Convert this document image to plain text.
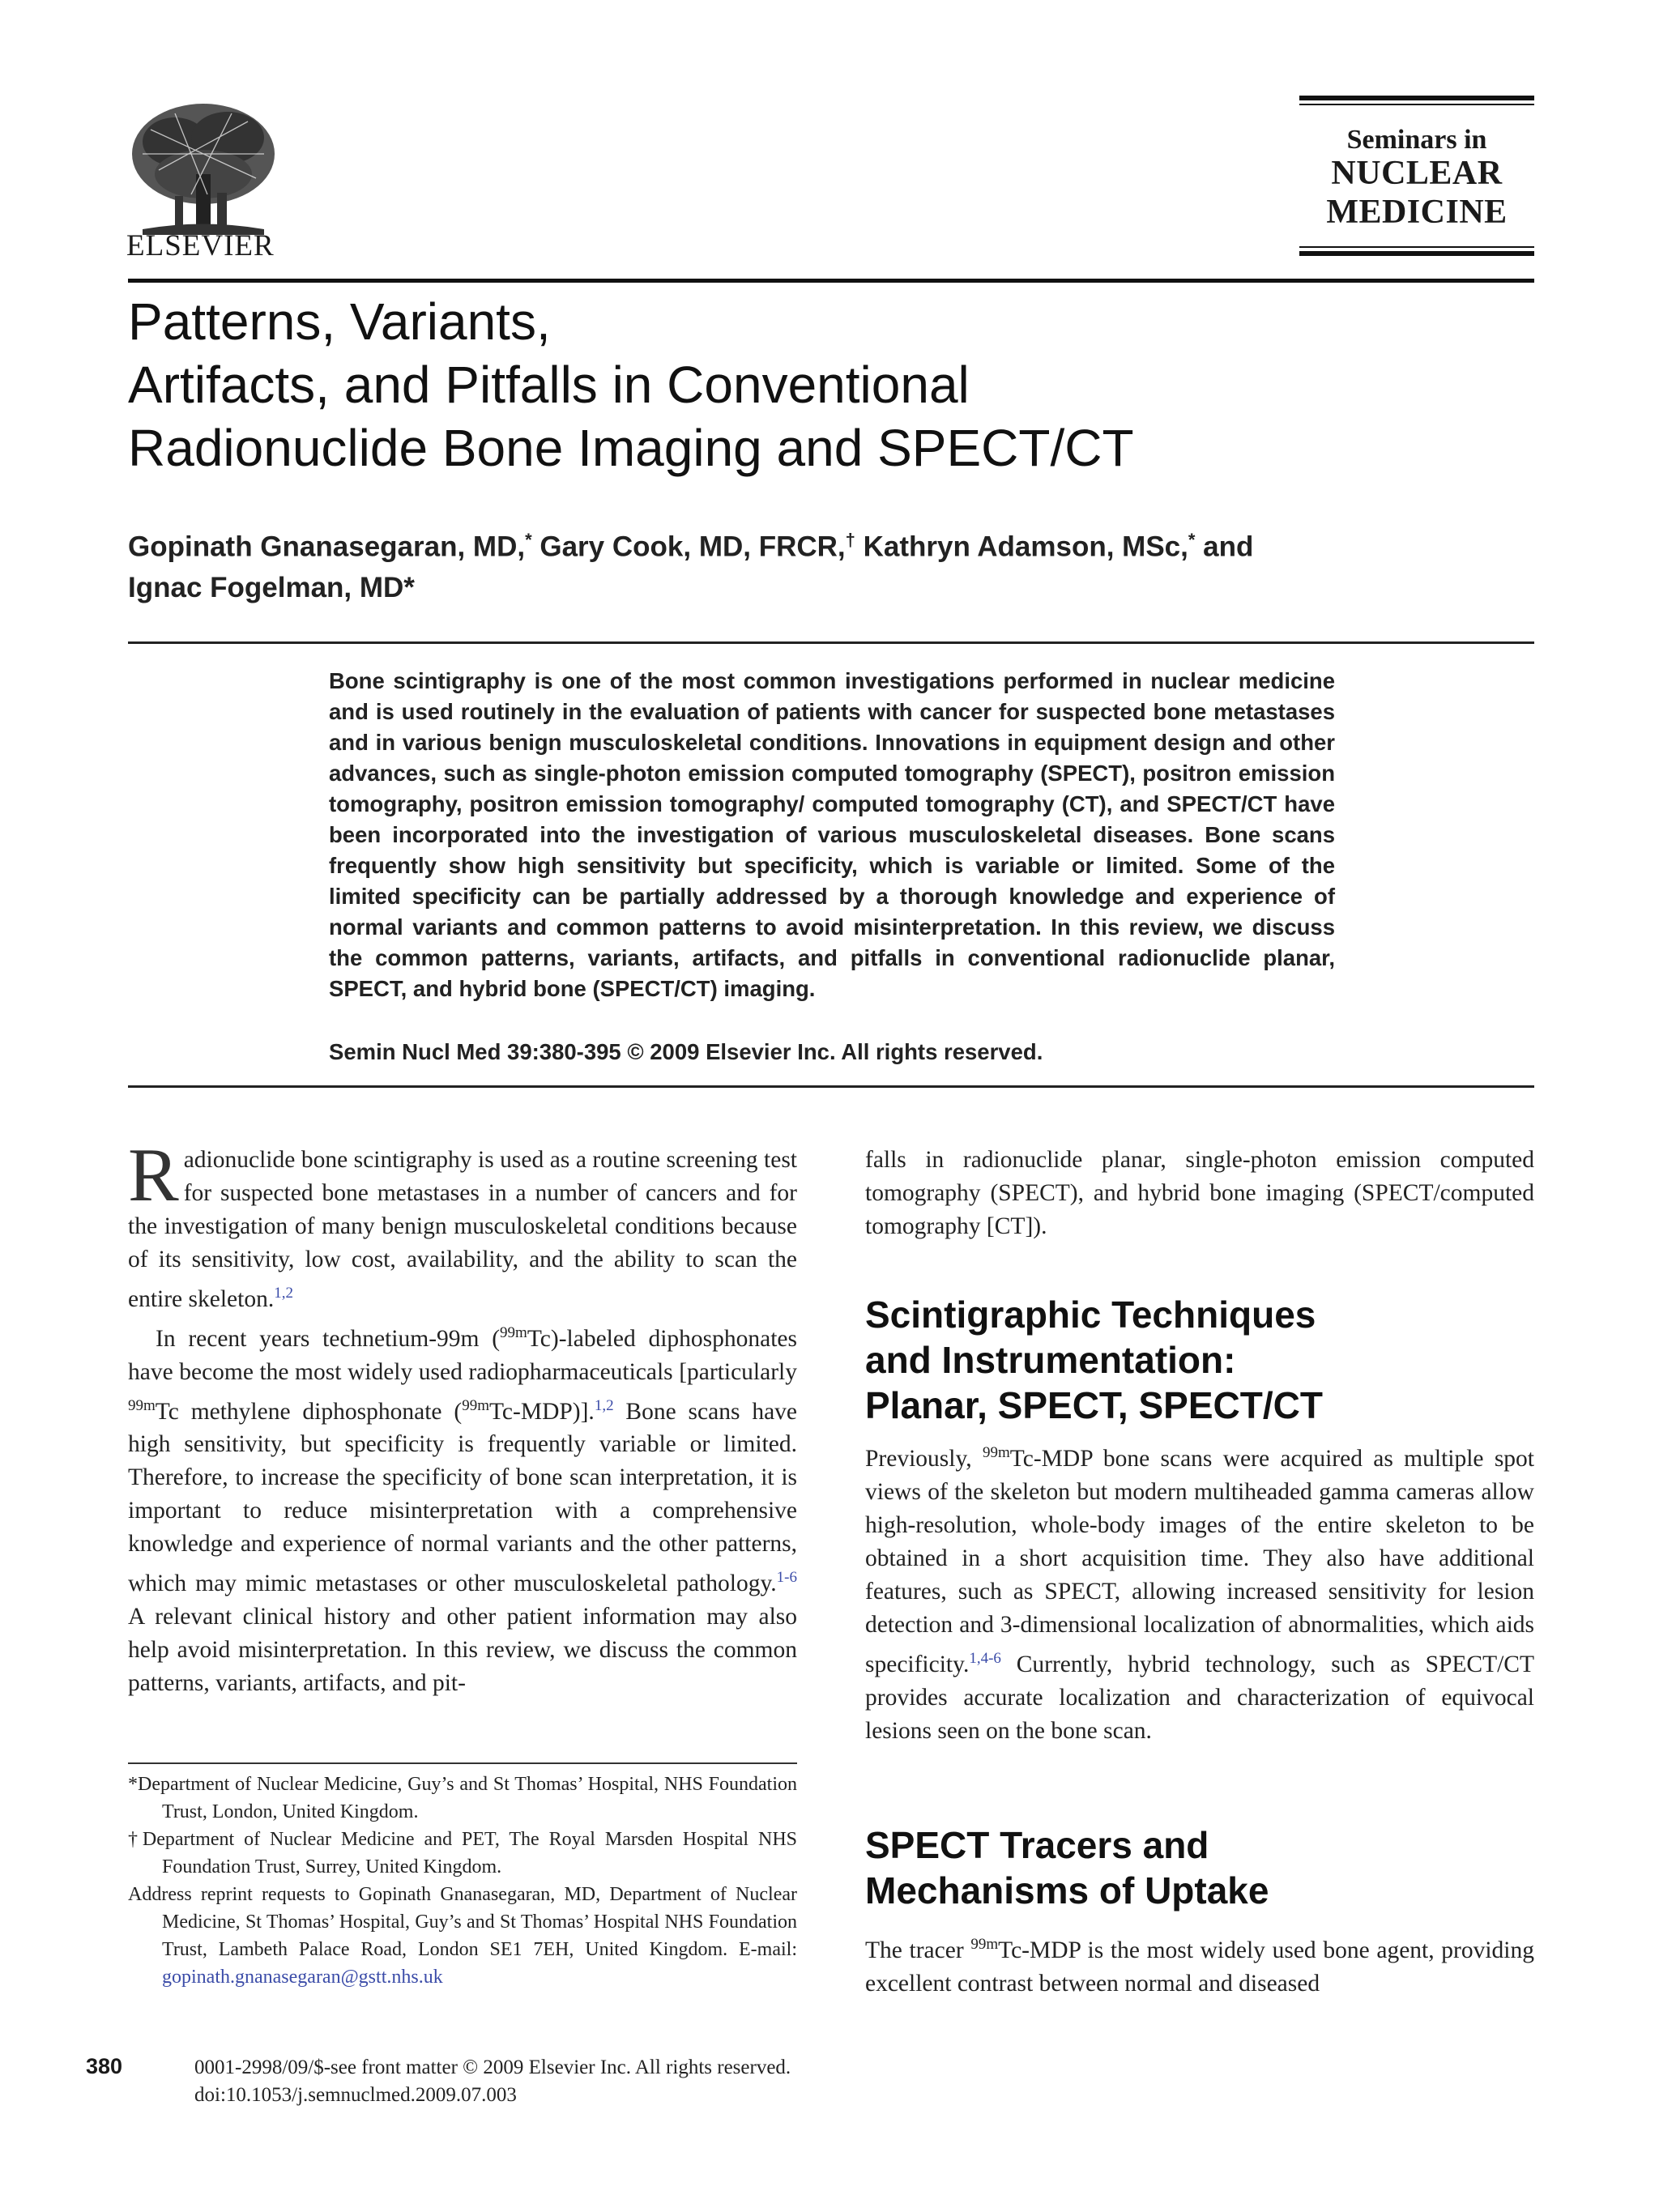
ELSEVIER
Seminars in
NUCLEAR
MEDICINE
Patterns, Variants,
Artifacts, and Pitfalls in Conventional
Radionuclide Bone Imaging and SPECT/CT
Gopinath Gnanasegaran, MD,* Gary Cook, MD, FRCR,† Kathryn Adamson, MSc,* and
Ignac Fogelman, MD*
Bone scintigraphy is one of the most common investigations performed in nuclear medicine and is used routinely in the evaluation of patients with cancer for suspected bone metastases and in various benign musculoskeletal conditions. Innovations in equipment design and other advances, such as single-photon emission computed tomography (SPECT), positron emission tomography, positron emission tomography/ computed tomography (CT), and SPECT/CT have been incorporated into the investigation of various musculoskeletal diseases. Bone scans frequently show high sensitivity but specificity, which is variable or limited. Some of the limited specificity can be partially addressed by a thorough knowledge and experience of normal variants and common patterns to avoid misinterpretation. In this review, we discuss the common patterns, variants, artifacts, and pitfalls in conventional radionuclide planar, SPECT, and hybrid bone (SPECT/CT) imaging.
Semin Nucl Med 39:380-395 © 2009 Elsevier Inc. All rights reserved.

Radionuclide bone scintigraphy is used as a routine screening test for suspected bone metastases in a number of cancers and for the investigation of many benign musculoskeletal conditions because of its sensitivity, low cost, availability, and the ability to scan the entire skeleton.$^{1,2}$

In recent years technetium-99m ($^{99m}$Tc)-labeled diphosphonates have become the most widely used radiopharmaceuticals [particularly $^{99m}$Tc methylene diphosphonate ($^{99m}$Tc-MDP)].$^{1,2}$ Bone scans have high sensitivity, but specificity is frequently variable or limited. Therefore, to increase the specificity of bone scan interpretation, it is important to reduce misinterpretation with a comprehensive knowledge and experience of normal variants and the other patterns, which may mimic metastases or other musculoskeletal pathology.$^{1-6}$ A relevant clinical history and other patient information may also help avoid misinterpretation. In this review, we discuss the common patterns, variants, artifacts, and pit-

*Department of Nuclear Medicine, Guy’s and St Thomas’ Hospital, NHS Foundation Trust, London, United Kingdom.

†Department of Nuclear Medicine and PET, The Royal Marsden Hospital NHS Foundation Trust, Surrey, United Kingdom.

Address reprint requests to Gopinath Gnanasegaran, MD, Department of Nuclear Medicine, St Thomas’ Hospital, Guy’s and St Thomas’ Hospital NHS Foundation Trust, Lambeth Palace Road, London SE1 7EH, United Kingdom. E-mail: gopinath.gnanasegaran@gstt.nhs.uk

falls in radionuclide planar, single-photon emission computed tomography (SPECT), and hybrid bone imaging (SPECT/computed tomography [CT]).

Scintigraphic Techniques
and Instrumentation:
Planar, SPECT, SPECT/CT

Previously, $^{99m}$Tc-MDP bone scans were acquired as multiple spot views of the skeleton but modern multiheaded gamma cameras allow high-resolution, whole-body images of the entire skeleton to be obtained in a short acquisition time. They also have additional features, such as SPECT, allowing increased sensitivity for lesion detection and 3-dimensional localization of abnormalities, which aids specificity.$^{1,4-6}$ Currently, hybrid technology, such as SPECT/CT provides accurate localization and characterization of equivocal lesions seen on the bone scan.

SPECT Tracers and
Mechanisms of Uptake

The tracer $^{99m}$Tc-MDP is the most widely used bone agent, providing excellent contrast between normal and diseased

380	0001-2998/09/$-see front matter © 2009 Elsevier Inc. All rights reserved.
doi:10.1053/j.semnuclmed.2009.07.003
